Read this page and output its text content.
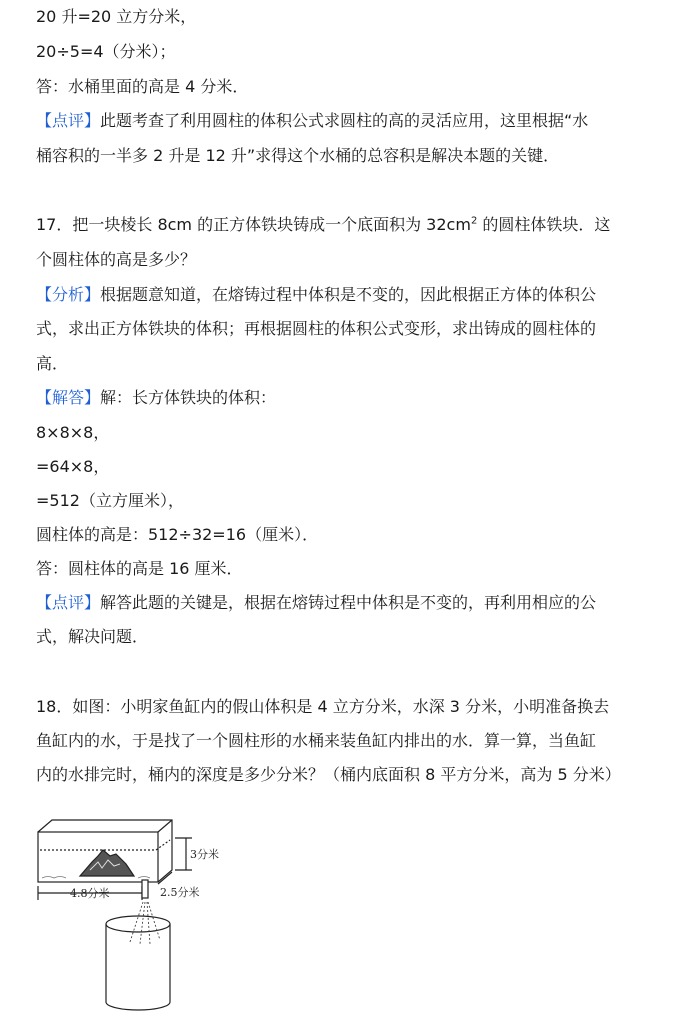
20 升=20 立方分米，
20÷5=4（分米）；
答：水桶里面的高是 4 分米．
【点评】此题考查了利用圆柱的体积公式求圆柱的高的灵活应用，这里根据“水
桶容积的一半多 2 升是 12 升”求得这个水桶的总容积是解决本题的关键．
17．把一块棱长 8cm 的正方体铁块铸成一个底面积为 $32cm^2$ 的圆柱体铁块．这
个圆柱体的高是多少？
【分析】根据题意知道，在熔铸过程中体积是不变的，因此根据正方体的体积公
式，求出正方体铁块的体积；再根据圆柱的体积公式变形，求出铸成的圆柱体的
高．
【解答】解：长方体铁块的体积：
8×8×8，
=64×8，
=512（立方厘米），
圆柱体的高是：512÷32=16（厘米）．
答：圆柱体的高是 16 厘米．
【点评】解答此题的关键是，根据在熔铸过程中体积是不变的，再利用相应的公
式，解决问题．
18．如图：小明家鱼缸内的假山体积是 4 立方分米，水深 3 分米，小明准备换去
鱼缸内的水，于是找了一个圆柱形的水桶来装鱼缸内排出的水．算一算，当鱼缸
内的水排完时，桶内的深度是多少分米？（桶内底面积 8 平方分米，高为 5 分米）
3分米
4.8分米	2.5分米
